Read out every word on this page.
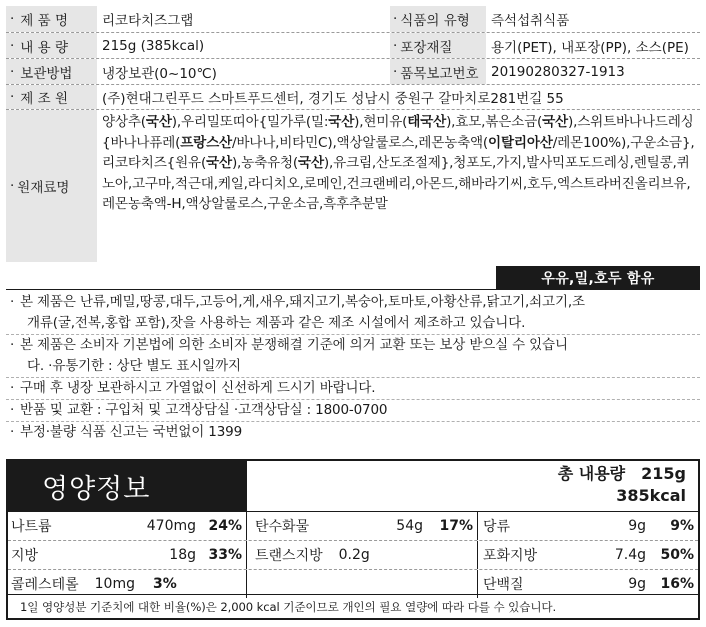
· 제 품 명	리코타치즈그랩	· 식품의 유형	즉석섭취식품
· 내 용 량	215g (385kcal)	· 포장재질	용기(PET), 내포장(PP), 소스(PE)
· 보관방법	냉장보관(0~10℃)	· 품목보고번호 20190280327-1913
· 제 조 원	(주)현대그린푸드 스마트푸드센터, 경기도 성남시 중원구 갈마치로281번길 55
· 원재료명
양상추(국산),우리밀또띠아{밀가루(밀:국산),현미유(태국산),효모,볶은소금(국산),스위트바나나드레싱{바나나퓨레(프랑스산/바나나,비타민C),액상알룰로스,레몬농축액(이탈리아산/레몬100%),구운소금},리코타치즈{원유(국산),농축유청(국산),유크림,산도조절제},청포도,가지,발사믹포도드레싱,렌틸콩,퀴노아,고구마,적근대,케일,라디치오,로메인,건크랜베리,아몬드,해바라기씨,호두,엑스트라버진올리브유,레몬농축액-H,액상알룰로스,구운소금,흑후추분말
우유,밀,호두 함유
· 본 제품은 난류,메밀,땅콩,대두,고등어,게,새우,돼지고기,복숭아,토마토,아황산류,닭고기,쇠고기,조
개류(굴,전복,홍합 포함),잣을 사용하는 제품과 같은 제조 시설에서 제조하고 있습니다.
· 본 제품은 소비자 기본법에 의한 소비자 분쟁해결 기준에 의거 교환 또는 보상 받으실 수 있습니
다. ·유통기한 : 상단 별도 표시일까지
· 구매 후 냉장 보관하시고 가열없이 신선하게 드시기 바랍니다.
· 반품 및 교환 : 구입처 및 고객상담실 ·고객상담실 : 1800-0700
· 부정·불량 식품 신고는 국번없이 1399
영양정보
총 내용량 215g
385kcal
나트륨	470mg 24% 탄수화물	54g	17% 당류	9g	9%
지방	18g 33% 트랜스지방 0.2g	포화지방	7.4g	50%
콜레스테롤 10mg	3%	단백질	9g	16%
1일 영양성분 기준치에 대한 비율(%)은 2,000 kcal 기준이므로 개인의 필요 열량에 따라 다를 수 있습니다.
